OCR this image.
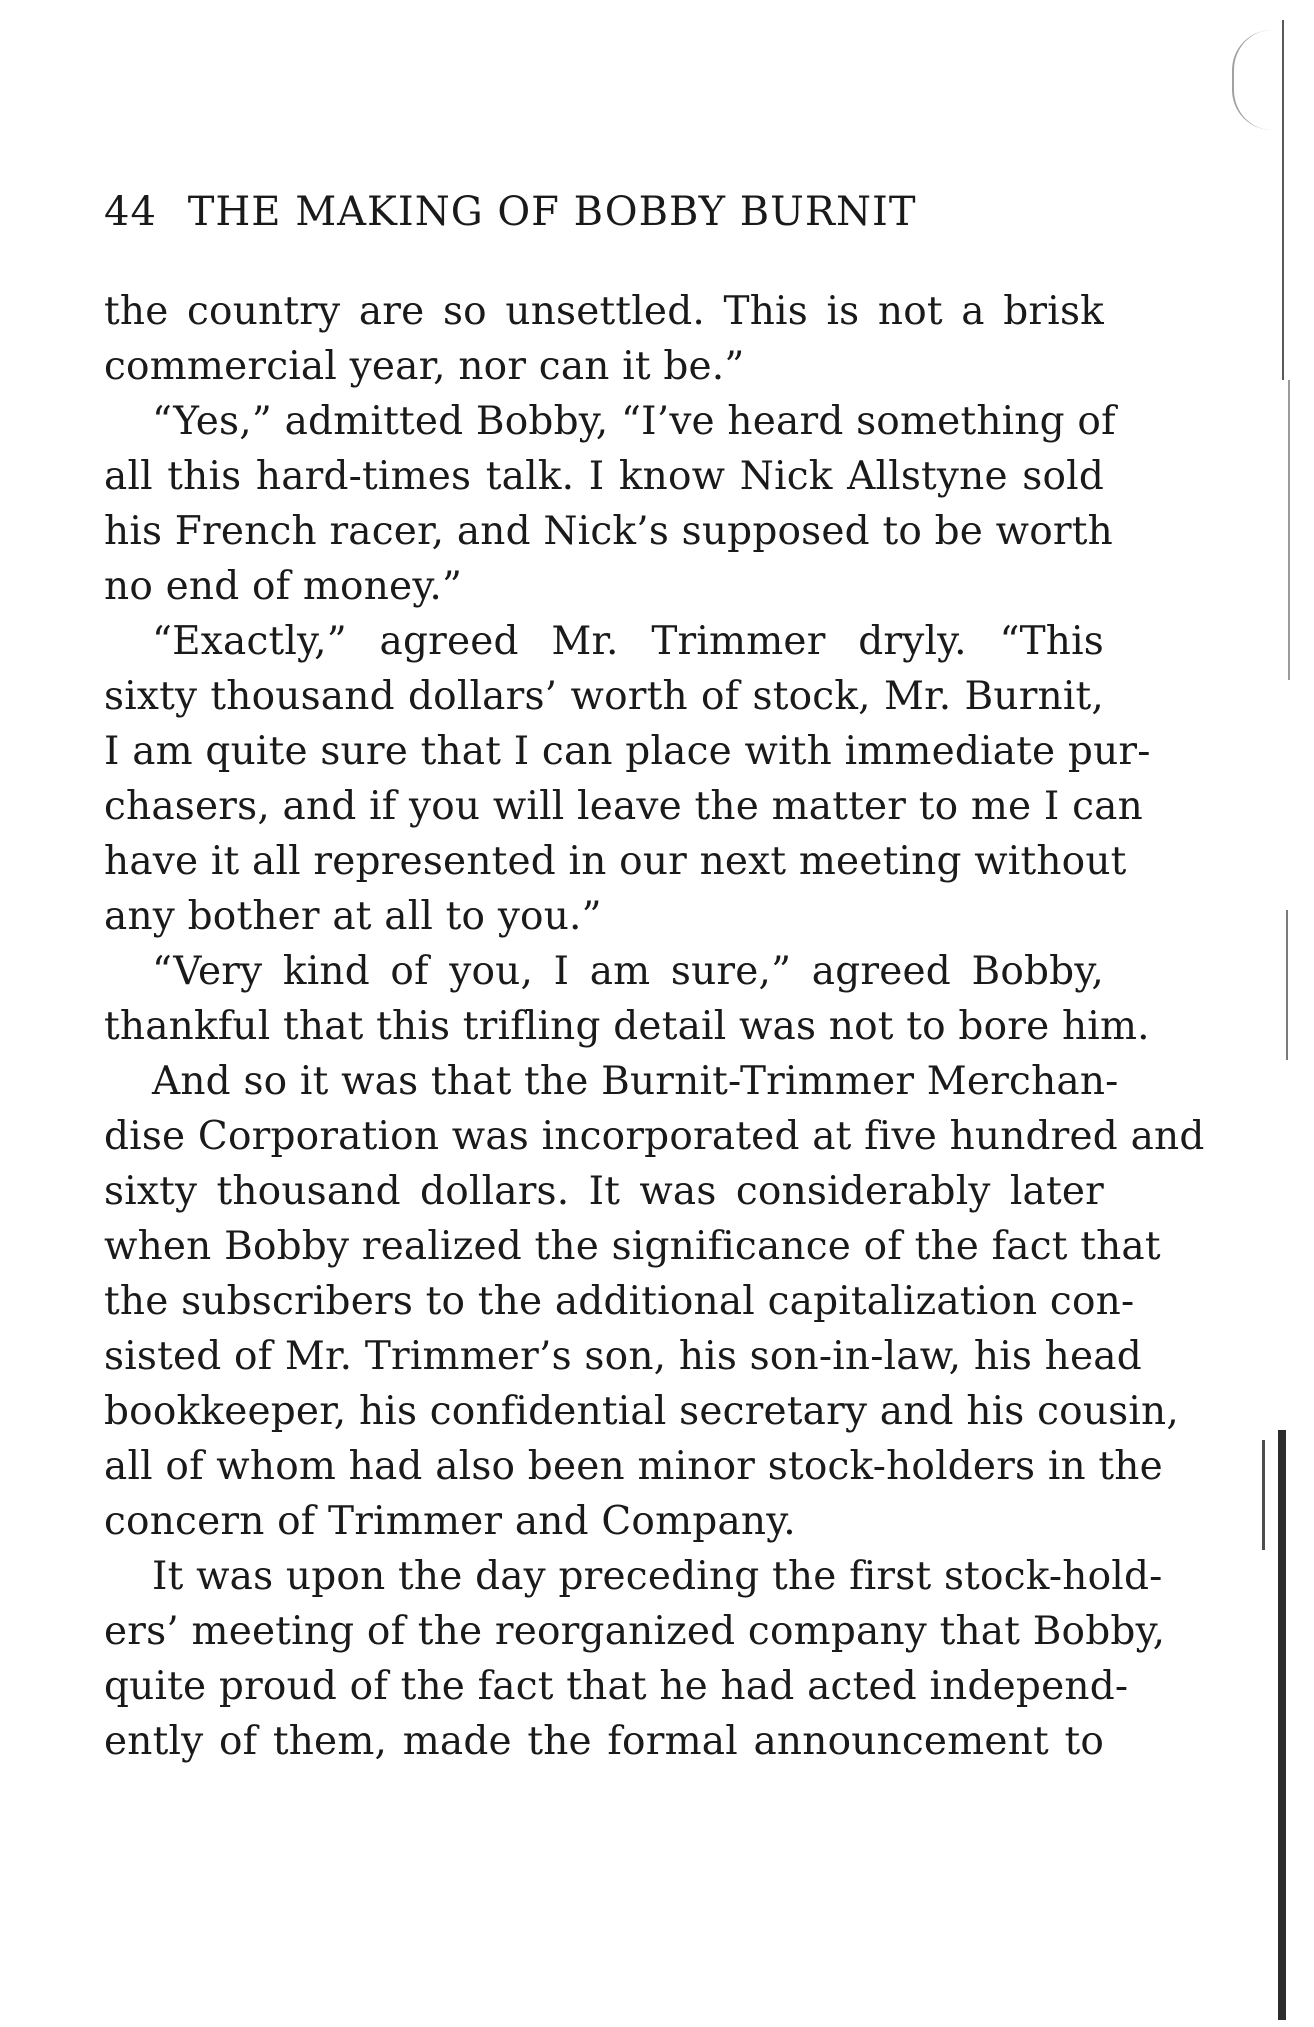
44 THE MAKING OF BOBBY BURNIT
the country are so unsettled. This is not a brisk
commercial year, nor can it be.”
“Yes,” admitted Bobby, “I’ve heard something of
all this hard-times talk. I know Nick Allstyne sold
his French racer, and Nick’s supposed to be worth
no end of money.”
“Exactly,” agreed Mr. Trimmer dryly. “This
sixty thousand dollars’ worth of stock, Mr. Burnit,
I am quite sure that I can place with immediate pur-
chasers, and if you will leave the matter to me I can
have it all represented in our next meeting without
any bother at all to you.”
“Very kind of you, I am sure,” agreed Bobby,
thankful that this trifling detail was not to bore him.
And so it was that the Burnit-Trimmer Merchan-
dise Corporation was incorporated at five hundred and
sixty thousand dollars. It was considerably later
when Bobby realized the significance of the fact that
the subscribers to the additional capitalization con-
sisted of Mr. Trimmer’s son, his son-in-law, his head
bookkeeper, his confidential secretary and his cousin,
all of whom had also been minor stock-holders in the
concern of Trimmer and Company.
It was upon the day preceding the first stock-hold-
ers’ meeting of the reorganized company that Bobby,
quite proud of the fact that he had acted independ-
ently of them, made the formal announcement to
